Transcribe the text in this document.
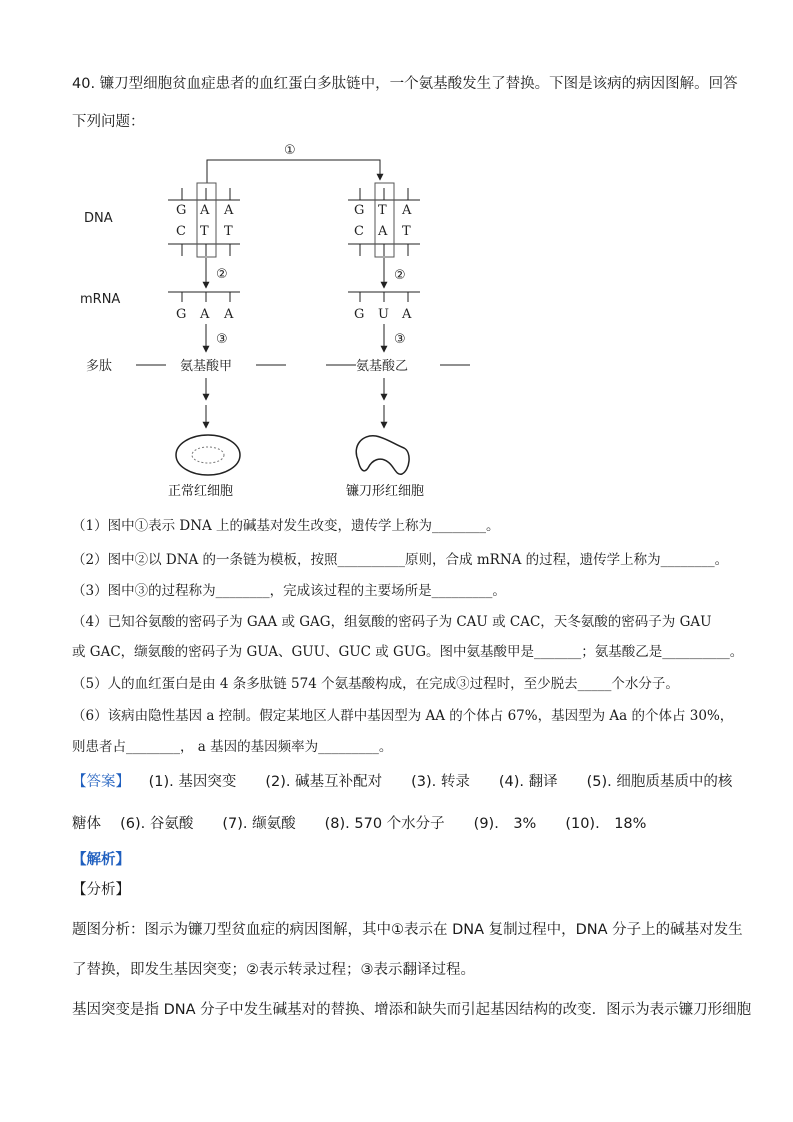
40. 镰刀型细胞贫血症患者的血红蛋白多肽链中，一个氨基酸发生了替换。下图是该病的病因图解。回答
下列问题：
①
DNA
mRNA
多肽
G A A
C T T
G T A
C A T
②	②
G A A	G U A
③	③
氨基酸甲	氨基酸乙
正常红细胞	镰刀形红细胞
（1）图中①表示 DNA 上的碱基对发生改变，遗传学上称为________。
（2）图中②以 DNA 的一条链为模板，按照__________原则，合成 mRNA 的过程，遗传学上称为________。
（3）图中③的过程称为________，完成该过程的主要场所是_________。
（4）已知谷氨酸的密码子为 GAA 或 GAG，组氨酸的密码子为 CAU 或 CAC，天冬氨酸的密码子为 GAU
或 GAC，缬氨酸的密码子为 GUA、GUU、GUC 或 GUG。图中氨基酸甲是_______；氨基酸乙是__________。
（5）人的血红蛋白是由 4 条多肽链 574 个氨基酸构成，在完成③过程时，至少脱去_____个水分子。
（6）该病由隐性基因 a 控制。假定某地区人群中基因型为 AA 的个体占 67%，基因型为 Aa 的个体占 30%，
则患者占________， a 基因的基因频率为_________。
【答案】 (1). 基因突变　　(2). 碱基互补配对　　(3). 转录　　(4). 翻译　　(5). 细胞质基质中的核
糖体　 (6). 谷氨酸　　(7). 缬氨酸　　(8). 570 个水分子　　(9).　3%　　(10).　18%
【解析】
【分析】
题图分析：图示为镰刀型贫血症的病因图解，其中①表示在 DNA 复制过程中，DNA 分子上的碱基对发生
了替换，即发生基因突变；②表示转录过程；③表示翻译过程。
基因突变是指 DNA 分子中发生碱基对的替换、增添和缺失而引起基因结构的改变．图示为表示镰刀形细胞
